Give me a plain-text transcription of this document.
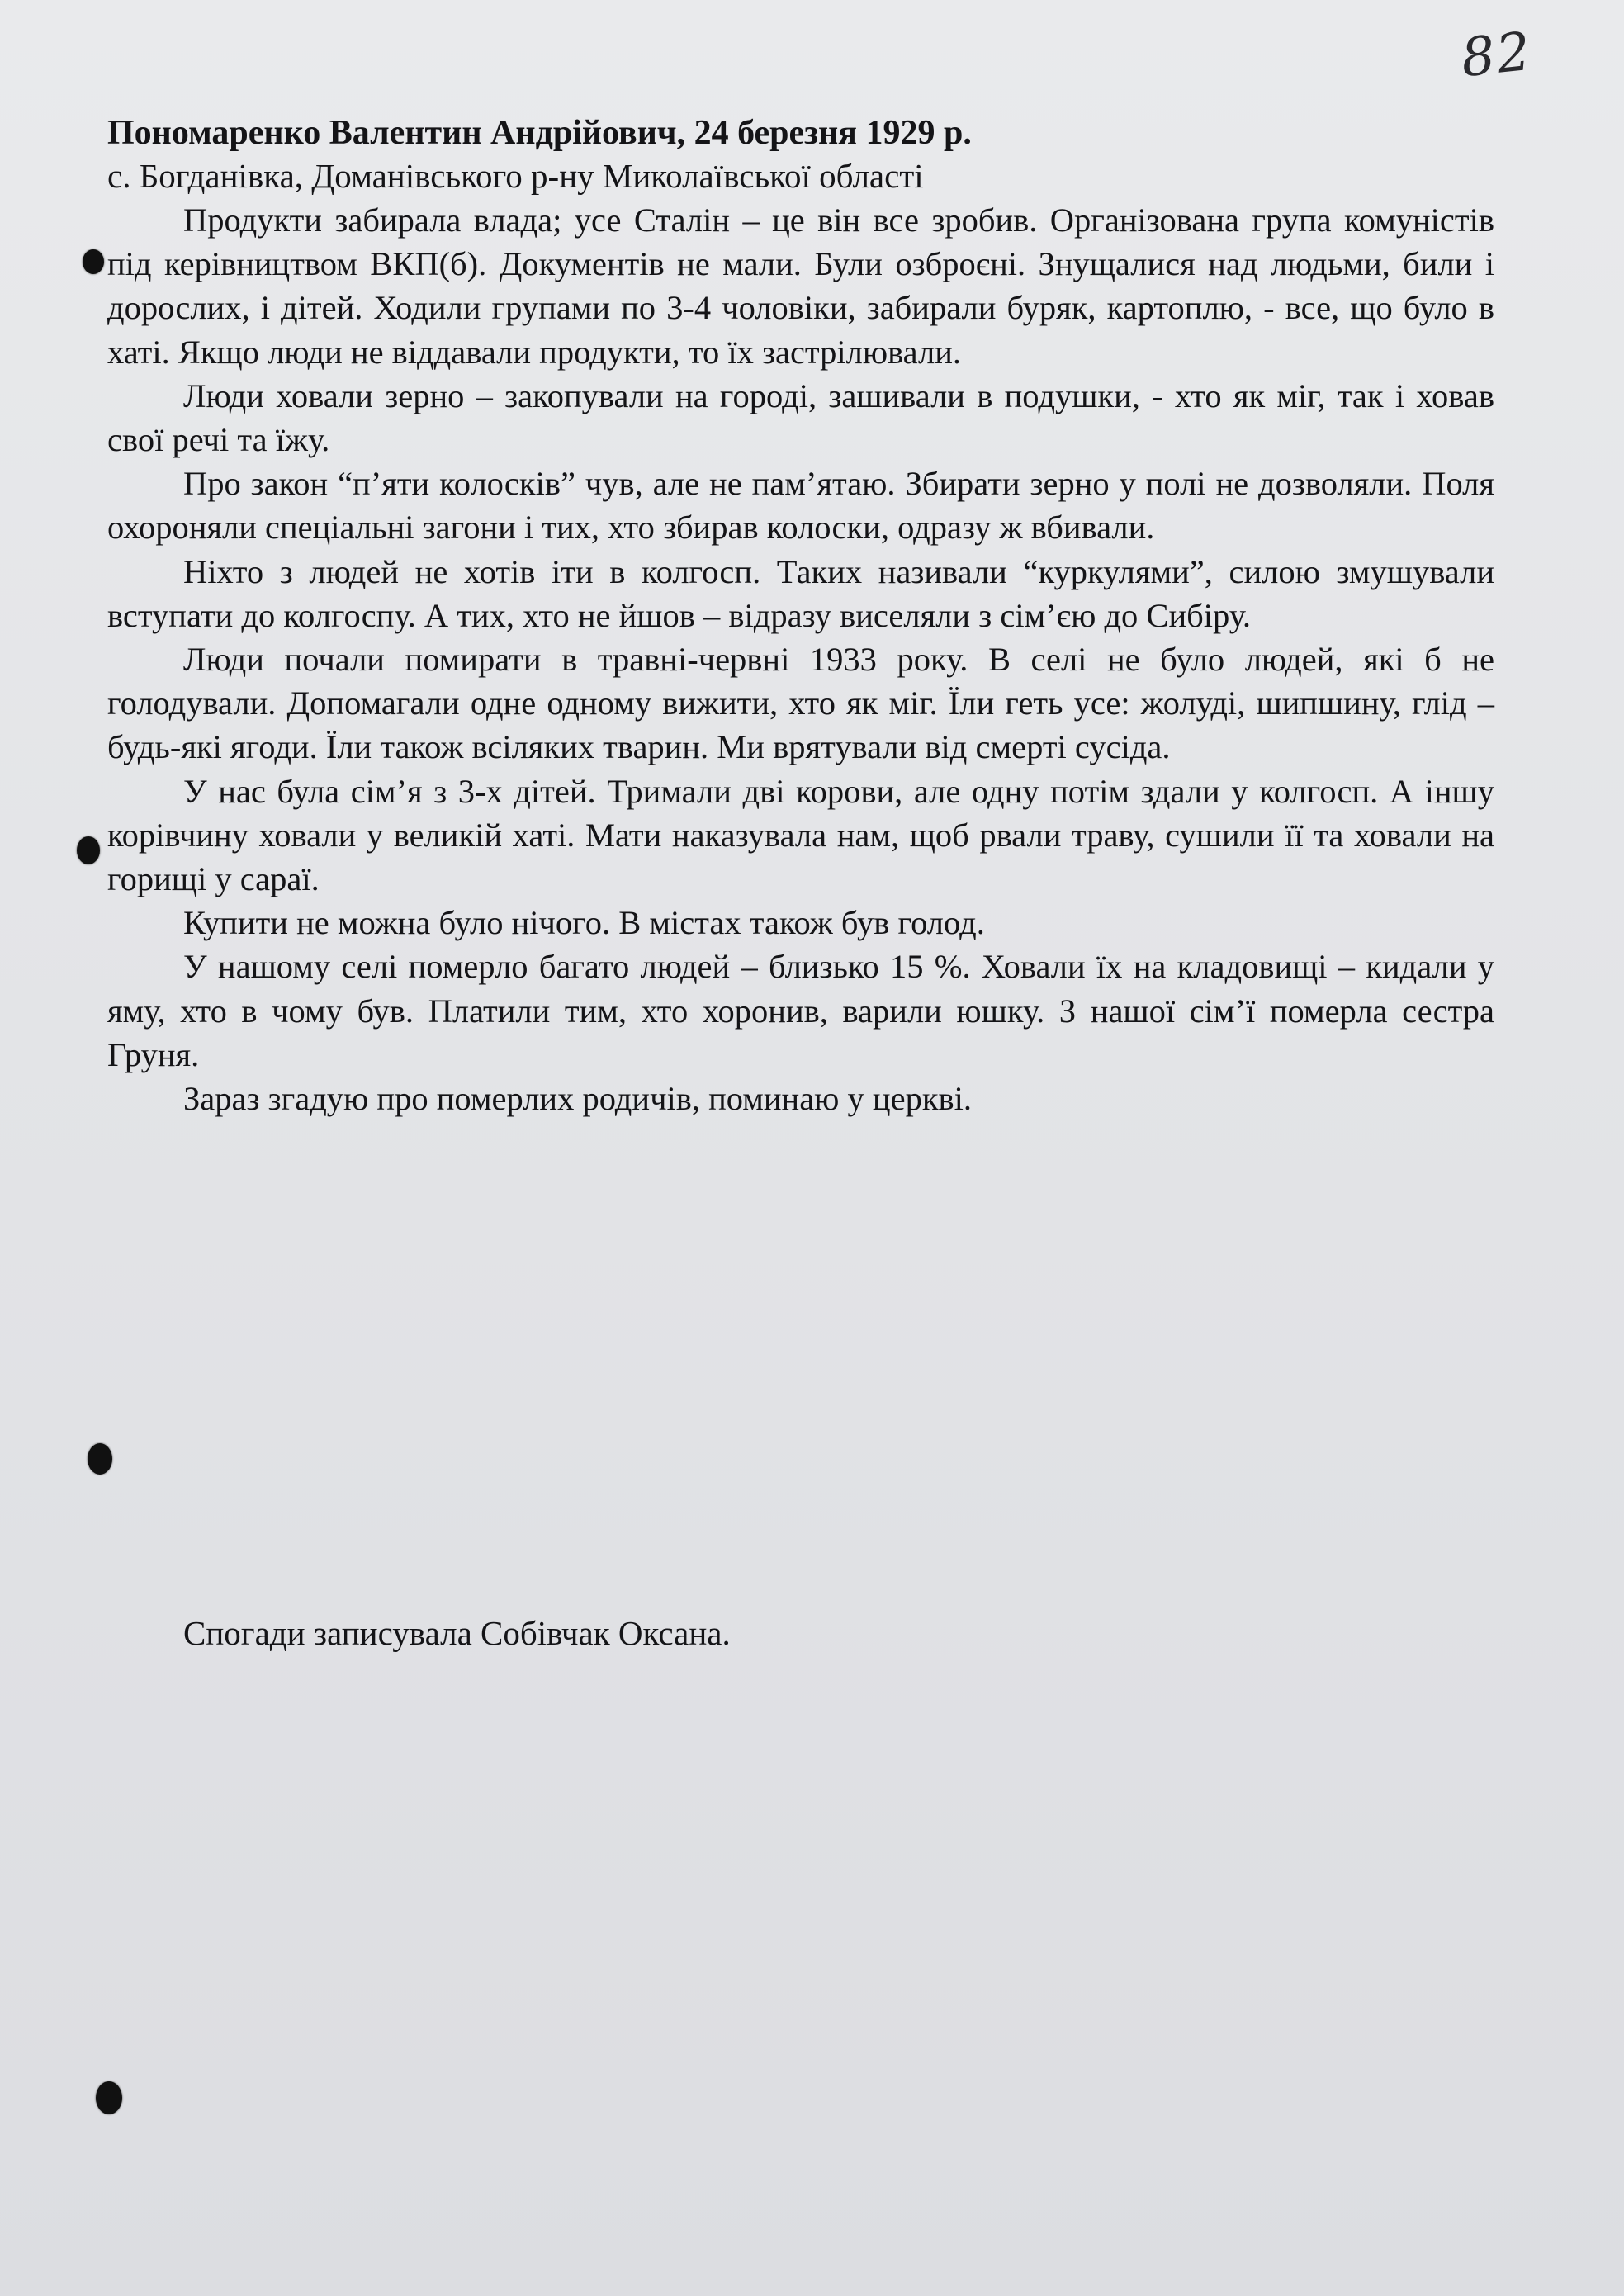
82

Пономаренко Валентин Андрійович, 24 березня 1929 р.

с. Богданівка, Доманівського р-ну Миколаївської області

Продукти забирала влада; усе Сталін – це він все зробив. Організована група комуністів під керівництвом ВКП(б). Документів не мали. Були озброєні. Знущалися над людьми, били і дорослих, і дітей. Ходили групами по 3-4 чоловіки, забирали буряк, картоплю, - все, що було в хаті. Якщо люди не віддавали продукти, то їх застрілювали.

Люди ховали зерно – закопували на городі, зашивали в подушки, - хто як міг, так і ховав свої речі та їжу.

Про закон “п’яти колосків” чув, але не пам’ятаю. Збирати зерно у полі не дозволяли. Поля охороняли спеціальні загони і тих, хто збирав колоски, одразу ж вбивали.

Ніхто з людей не хотів іти в колгосп. Таких називали “куркулями”, силою змушували вступати до колгоспу. А тих, хто не йшов – відразу виселяли з сім’єю до Сибіру.

Люди почали помирати в травні-червні 1933 року. В селі не було людей, які б не голодували. Допомагали одне одному вижити, хто як міг. Їли геть усе: жолуді, шипшину, глід – будь-які ягоди. Їли також всіляких тварин. Ми врятували від смерті сусіда.

У нас була сім’я з 3-х дітей. Тримали дві корови, але одну потім здали у колгосп. А іншу корівчину ховали у великій хаті. Мати наказувала нам, щоб рвали траву, сушили її та ховали на горищі у сараї.

Купити не можна було нічого. В містах також був голод.

У нашому селі померло багато людей – близько 15 %. Ховали їх на кладовищі – кидали у яму, хто в чому був. Платили тим, хто хоронив, варили юшку. З нашої сім’ї померла сестра Груня.

Зараз згадую про померлих родичів, поминаю у церкві.

Спогади записувала Собівчак Оксана.
